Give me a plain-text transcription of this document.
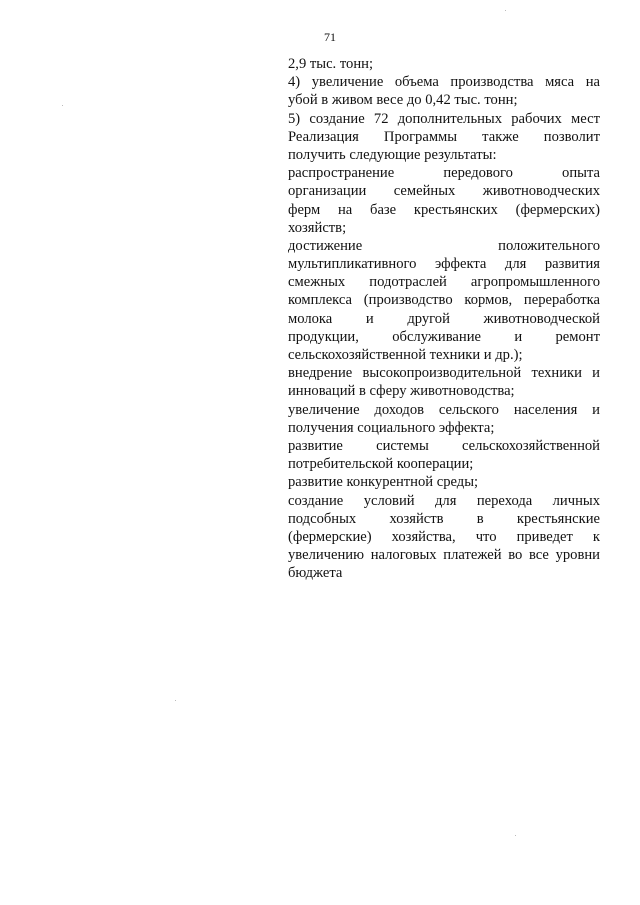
71
2,9 тыс. тонн;
4) увеличение объема производства мяса на
убой в живом весе до 0,42 тыс. тонн;
5) создание 72 дополнительных рабочих мест
Реализация Программы также позволит
получить следующие результаты:
распространение передового опыта
организации семейных животноводческих
ферм на базе крестьянских (фермерских)
хозяйств;
достижение положительного
мультипликативного эффекта для развития
смежных подотраслей агропромышленного
комплекса (производство кормов, переработка
молока и другой животноводческой
продукции, обслуживание и ремонт
сельскохозяйственной техники и др.);
внедрение высокопроизводительной техники и
инноваций в сферу животноводства;
увеличение доходов сельского населения и
получения социального эффекта;
развитие системы сельскохозяйственной
потребительской кооперации;
развитие конкурентной среды;
создание условий для перехода личных
подсобных хозяйств в крестьянские
(фермерские) хозяйства, что приведет к
увеличению налоговых платежей во все уровни
бюджета
